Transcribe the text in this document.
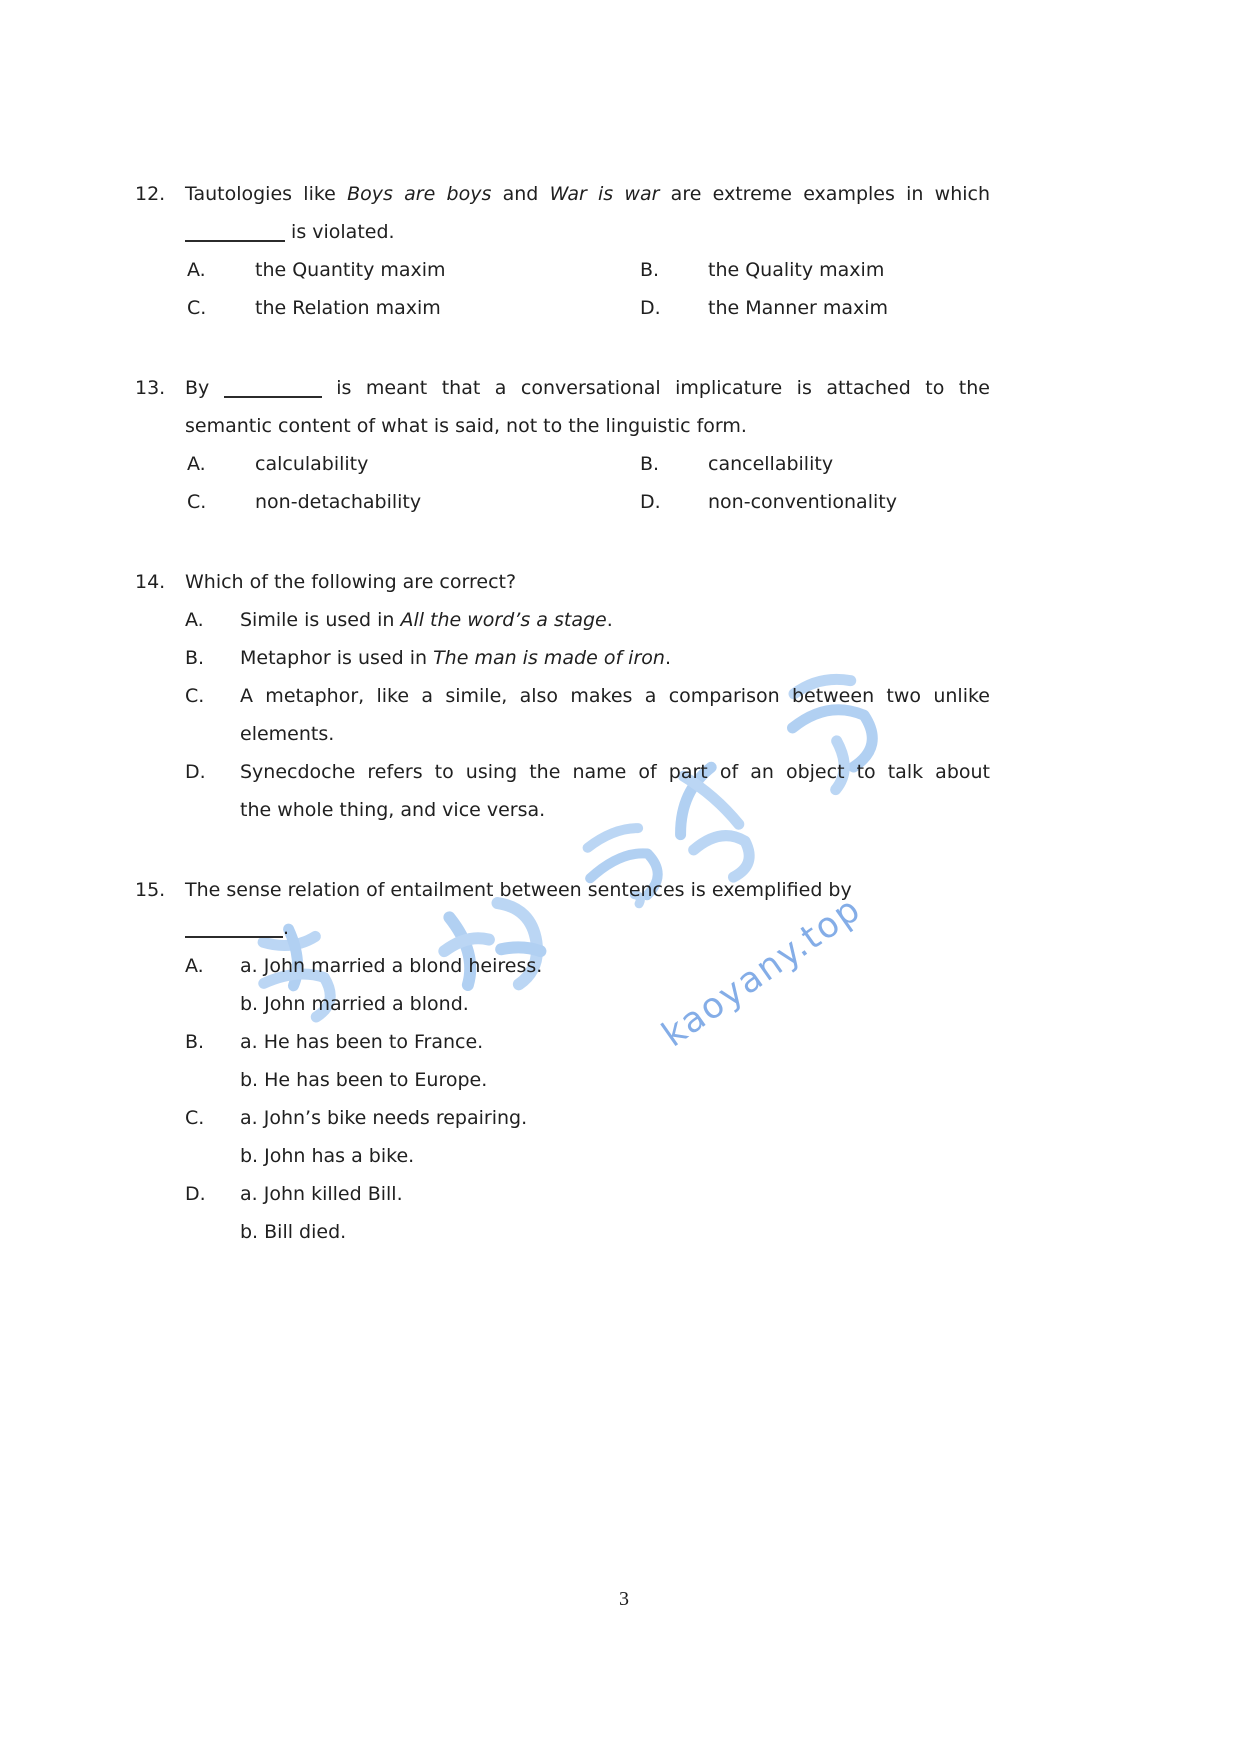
kaoyany.top
12.	Tautologies like Boys are boys and War is war are extreme examples in which
is violated.
A.	the Quantity maxim	B.	the Quality maxim
C.	the Relation maxim	D.	the Manner maxim
13.	By	is meant that a conversational implicature is attached to the
semantic content of what is said, not to the linguistic form.
A.	calculability	B.	cancellability
C.	non-detachability	D.	non-conventionality
14.	Which of the following are correct?
A.	Simile is used in All the word’s a stage.
B.	Metaphor is used in The man is made of iron.
C.	A metaphor, like a simile, also makes a comparison between two unlike
elements.
D.	Synecdoche refers to using the name of part of an object to talk about
the whole thing, and vice versa.
15.	The sense relation of entailment between sentences is exemplified by
.
A.	a. John married a blond heiress.
b. John married a blond.
B.	a. He has been to France.
b. He has been to Europe.
C.	a. John’s bike needs repairing.
b. John has a bike.
D.	a. John killed Bill.
b. Bill died.
3
